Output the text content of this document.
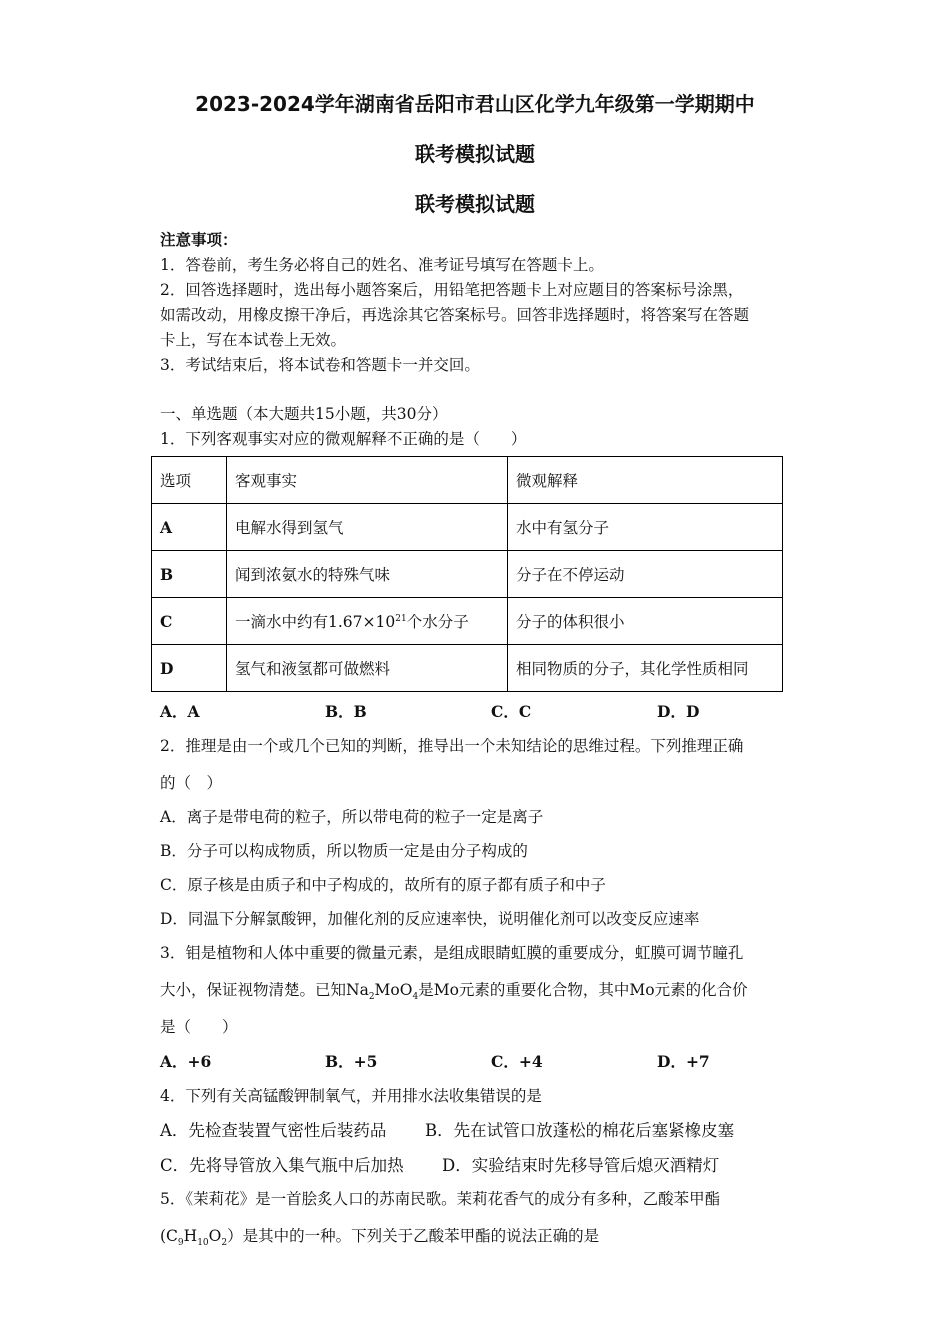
2023-2024学年湖南省岳阳市君山区化学九年级第一学期期中
联考模拟试题
联考模拟试题
注意事项：
1．答卷前，考生务必将自己的姓名、准考证号填写在答题卡上。
2．回答选择题时，选出每小题答案后，用铅笔把答题卡上对应题目的答案标号涂黑，
如需改动，用橡皮擦干净后，再选涂其它答案标号。回答非选择题时，将答案写在答题
卡上，写在本试卷上无效。
3．考试结束后，将本试卷和答题卡一并交回。
一、单选题（本大题共15小题，共30分）
1．下列客观事实对应的微观解释不正确的是（　　）
选项	客观事实	微观解释
A	电解水得到氢气	水中有氢分子
B	闻到浓氨水的特殊气味	分子在不停运动
C	一滴水中约有$1.67\times 10^{21}$个水分子	分子的体积很小
D	氢气和液氢都可做燃料	相同物质的分子，其化学性质相同
A．A	B．B	C．C	D．D
2．推理是由一个或几个已知的判断，推导出一个未知结论的思维过程。下列推理正确
的（　）
A．离子是带电荷的粒子，所以带电荷的粒子一定是离子
B．分子可以构成物质，所以物质一定是由分子构成的
C．原子核是由质子和中子构成的，故所有的原子都有质子和中子
D．同温下分解氯酸钾，加催化剂的反应速率快，说明催化剂可以改变反应速率
3．钼是植物和人体中重要的微量元素，是组成眼睛虹膜的重要成分，虹膜可调节瞳孔
大小，保证视物清楚。已知$Na_2MoO_4$是Mo元素的重要化合物，其中Mo元素的化合价
是（　　）
A．+6	B．+5	C．+4	D．+7
4．下列有关高锰酸钾制氧气，并用排水法收集错误的是
A．先检查装置气密性后装药品 B．先在试管口放蓬松的棉花后塞紧橡皮塞
C．先将导管放入集气瓶中后加热 D．实验结束时先移导管后熄灭酒精灯
5．《茉莉花》是一首脍炙人口的苏南民歌。茉莉花香气的成分有多种，乙酸苯甲酯
$(C_9H_{10}O_2)$是其中的一种。下列关于乙酸苯甲酯的说法正确的是
